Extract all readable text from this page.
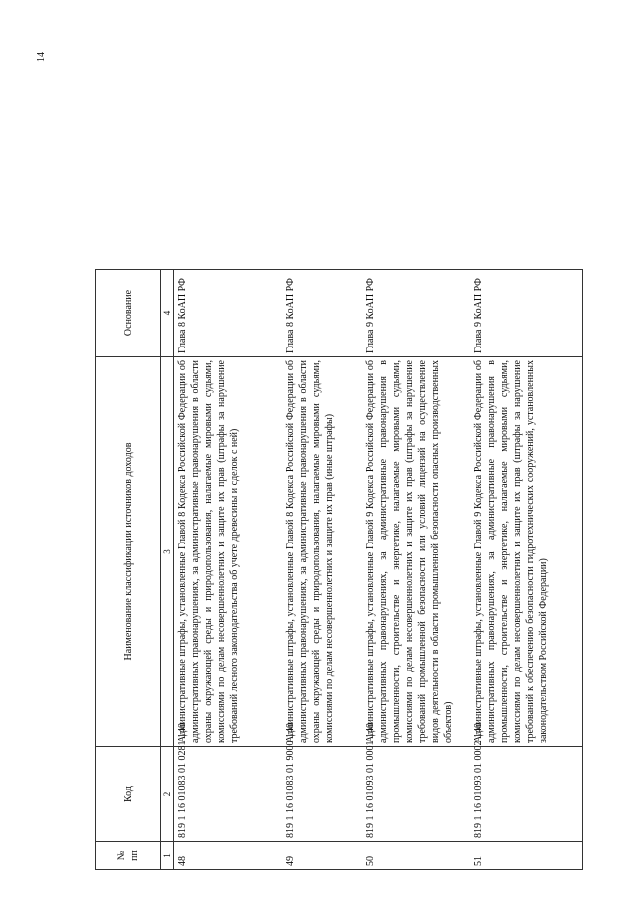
14
№ пп	Код	Наименование классификации источников доходов	Основание
1	2	3	4
48	819 1 16 01083 01 0281 140	Административные штрафы, установленные Главой 8 Кодекса Российской Федерации об административных правонарушениях, за административные правонарушения в области охраны окружающей среды и природопользования, налагаемые мировыми судьями, комиссиями по делам несовершеннолетних и защите их прав (штрафы за нарушение требований лесного законодательства об учете древесины и сделок с ней)	Глава 8 КоАП РФ
49	819 1 16 01083 01 9000 140	Административные штрафы, установленные Главой 8 Кодекса Российской Федерации об административных правонарушениях, за административные правонарушения в области охраны окружающей среды и природопользования, налагаемые мировыми судьями, комиссиями по делам несовершеннолетних и защите их прав (иные штрафы)	Глава 8 КоАП РФ
50	819 1 16 01093 01 0001 140	Административные штрафы, установленные Главой 9 Кодекса Российской Федерации об административных правонарушениях, за административные правонарушения в промышленности, строительстве и энергетике, налагаемые мировыми судьями, комиссиями по делам несовершеннолетних и защите их прав (штрафы за нарушение требований промышленной безопасности или условий лицензий на осуществление видов деятельности в области промышленной безопасности опасных производственных объектов)	Глава 9 КоАП РФ
51	819 1 16 01093 01 0002 140	Административные штрафы, установленные Главой 9 Кодекса Российской Федерации об административных правонарушениях, за административные правонарушения в промышленности, строительстве и энергетике, налагаемые мировыми судьями, комиссиями по делам несовершеннолетних и защите их прав (штрафы за нарушение требований к обеспечению безопасности гидротехнических сооружений, установленных законодательством Российской Федерации)	Глава 9 КоАП РФ
